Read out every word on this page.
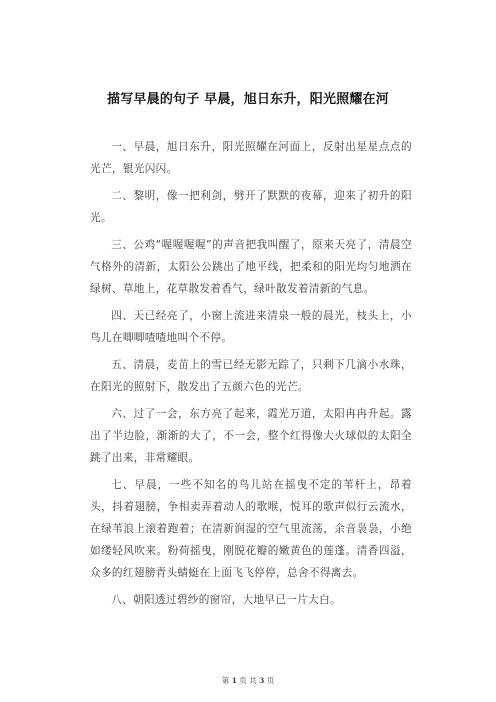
描写早晨的句子 早晨，旭日东升，阳光照耀在河

一、早晨，旭日东升，阳光照耀在河面上，反射出星星点点的光芒，银光闪闪。

二、黎明，像一把利剑，劈开了默默的夜幕，迎来了初升的阳光。

三、公鸡“喔喔喔喔”的声音把我叫醒了，原来天亮了，清晨空气格外的清新，太阳公公跳出了地平线，把柔和的阳光均匀地洒在绿树、草地上，花草散发着香气，绿叶散发着清新的气息。

四、天已经亮了，小窗上流进来清泉一般的晨光，枝头上，小鸟儿在唧唧喳喳地叫个不停。

五、清晨，麦苗上的雪已经无影无踪了，只剩下几滴小水珠，在阳光的照射下，散发出了五颜六色的光芒。

六、过了一会，东方亮了起来，霞光万道，太阳冉冉升起。露出了半边脸，渐渐的大了，不一会，整个红得像大火球似的太阳全跳了出来，非常耀眼。

七、早晨，一些不知名的鸟儿站在摇曳不定的苇杆上，昂着头，抖着翅膀，争相卖弄着动人的歌喉，悦耳的歌声似行云流水，在绿苇浪上滚着跑着；在清新润湿的空气里流荡，余音袅袅，小绝如缕轻风吹来。粉荷摇曳，刚脱花瓣的嫩黄色的莲蓬。清香四溢，众多的红翅膀青头蜻蜓在上面飞飞停停，总舍不得离去。

八、朝阳透过碧纱的窗帘，大地早已一片大白。

第 1 页 共 3 页
